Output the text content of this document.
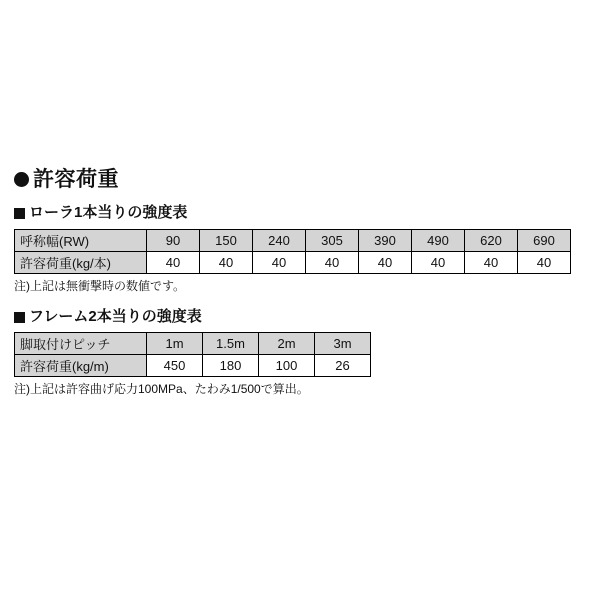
許容荷重
ローラ1本当りの強度表
呼称幅(RW)	90	150	240	305	390	490	620	690
許容荷重(kg/本)	40	40	40	40	40	40	40	40

注)上記は無衝撃時の数値です。

フレーム2本当りの強度表
脚取付けピッチ	1m	1.5m	2m	3m
許容荷重(kg/m)	450	180	100	26

注)上記は許容曲げ応力100MPa、たわみ1/500で算出。
